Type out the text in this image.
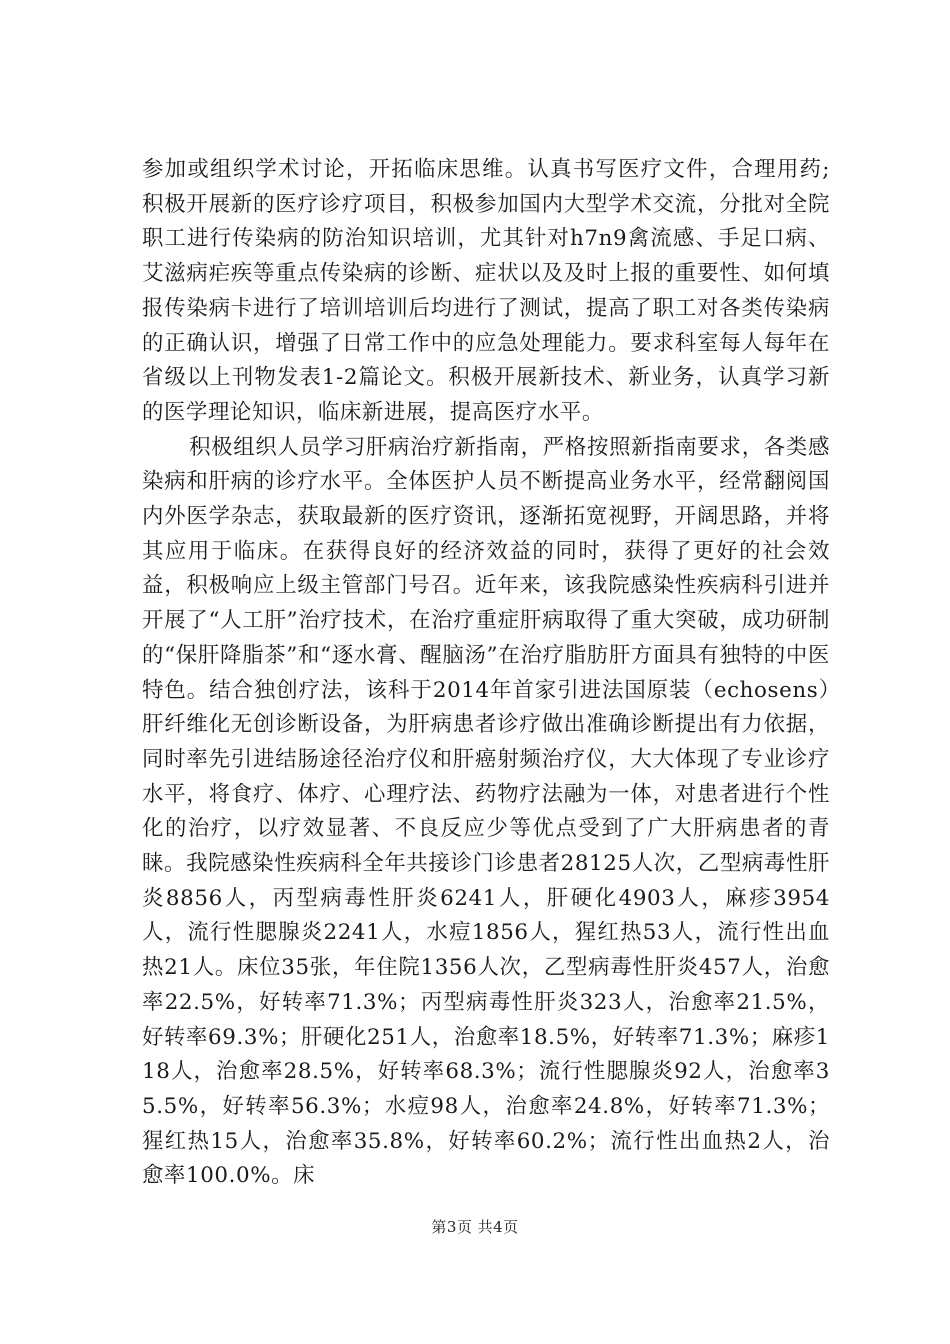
参加或组织学术讨论，开拓临床思维。认真书写医疗文件，合理用药;积极开展新的医疗诊疗项目，积极参加国内大型学术交流，分批对全院职工进行传染病的防治知识培训，尤其针对h7n9禽流感、手足口病、艾滋病疟疾等重点传染病的诊断、症状以及及时上报的重要性、如何填报传染病卡进行了培训培训后均进行了测试，提高了职工对各类传染病的正确认识，增强了日常工作中的应急处理能力。要求科室每人每年在省级以上刊物发表1-2篇论文。积极开展新技术、新业务，认真学习新的医学理论知识，临床新进展，提高医疗水平。

积极组织人员学习肝病治疗新指南，严格按照新指南要求，各类感染病和肝病的诊疗水平。全体医护人员不断提高业务水平，经常翻阅国内外医学杂志，获取最新的医疗资讯，逐渐拓宽视野，开阔思路，并将其应用于临床。在获得良好的经济效益的同时，获得了更好的社会效益，积极响应上级主管部门号召。近年来，该我院感染性疾病科引进并开展了“人工肝”治疗技术，在治疗重症肝病取得了重大突破，成功研制的“保肝降脂茶”和“逐水膏、醒脑汤”在治疗脂肪肝方面具有独特的中医特色。结合独创疗法，该科于2014年首家引进法国原装（echosens）肝纤维化无创诊断设备，为肝病患者诊疗做出准确诊断提出有力依据，同时率先引进结肠途径治疗仪和肝癌射频治疗仪，大大体现了专业诊疗水平，将食疗、体疗、心理疗法、药物疗法融为一体，对患者进行个性化的治疗，以疗效显著、不良反应少等优点受到了广大肝病患者的青睐。我院感染性疾病科全年共接诊门诊患者28125人次，乙型病毒性肝炎8856人，丙型病毒性肝炎6241人，肝硬化4903人，麻疹3954人，流行性腮腺炎2241人，水痘1856人，猩红热53人，流行性出血热21人。床位35张，年住院1356人次，乙型病毒性肝炎457人，治愈率22.5%，好转率71.3%；丙型病毒性肝炎323人，治愈率21.5%，好转率69.3%；肝硬化251人，治愈率18.5%，好转率71.3%；麻疹118人，治愈率28.5%，好转率68.3%；流行性腮腺炎92人，治愈率35.5%，好转率56.3%；水痘98人，治愈率24.8%，好转率71.3%；猩红热15人，治愈率35.8%，好转率60.2%；流行性出血热2人，治愈率100.0%。床

第3页 共4页
